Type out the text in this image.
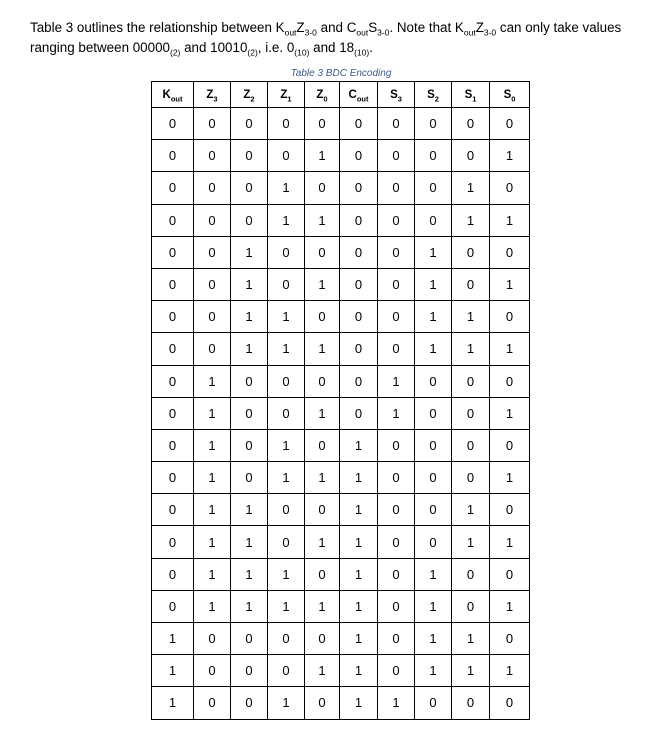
Table 3 outlines the relationship between $K_{out}Z_{3-0}$ and $C_{out}S_{3-0}$. Note that $K_{out}Z_{3-0}$ can only take values ranging between $00000_{(2)}$ and $10010_{(2)}$, i.e. $0_{(10)}$ and $18_{(10)}$.
Table 3 BDC Encoding
$K_{out}$	$Z_3$	$Z_2$	$Z_1$	$Z_0$	$C_{out}$	$S_3$	$S_2$	$S_1$	$S_0$
0	0	0	0	0	0	0	0	0	0
0	0	0	0	1	0	0	0	0	1
0	0	0	1	0	0	0	0	1	0
0	0	0	1	1	0	0	0	1	1
0	0	1	0	0	0	0	1	0	0
0	0	1	0	1	0	0	1	0	1
0	0	1	1	0	0	0	1	1	0
0	0	1	1	1	0	0	1	1	1
0	1	0	0	0	0	1	0	0	0
0	1	0	0	1	0	1	0	0	1
0	1	0	1	0	1	0	0	0	0
0	1	0	1	1	1	0	0	0	1
0	1	1	0	0	1	0	0	1	0
0	1	1	0	1	1	0	0	1	1
0	1	1	1	0	1	0	1	0	0
0	1	1	1	1	1	0	1	0	1
1	0	0	0	0	1	0	1	1	0
1	0	0	0	1	1	0	1	1	1
1	0	0	1	0	1	1	0	0	0
